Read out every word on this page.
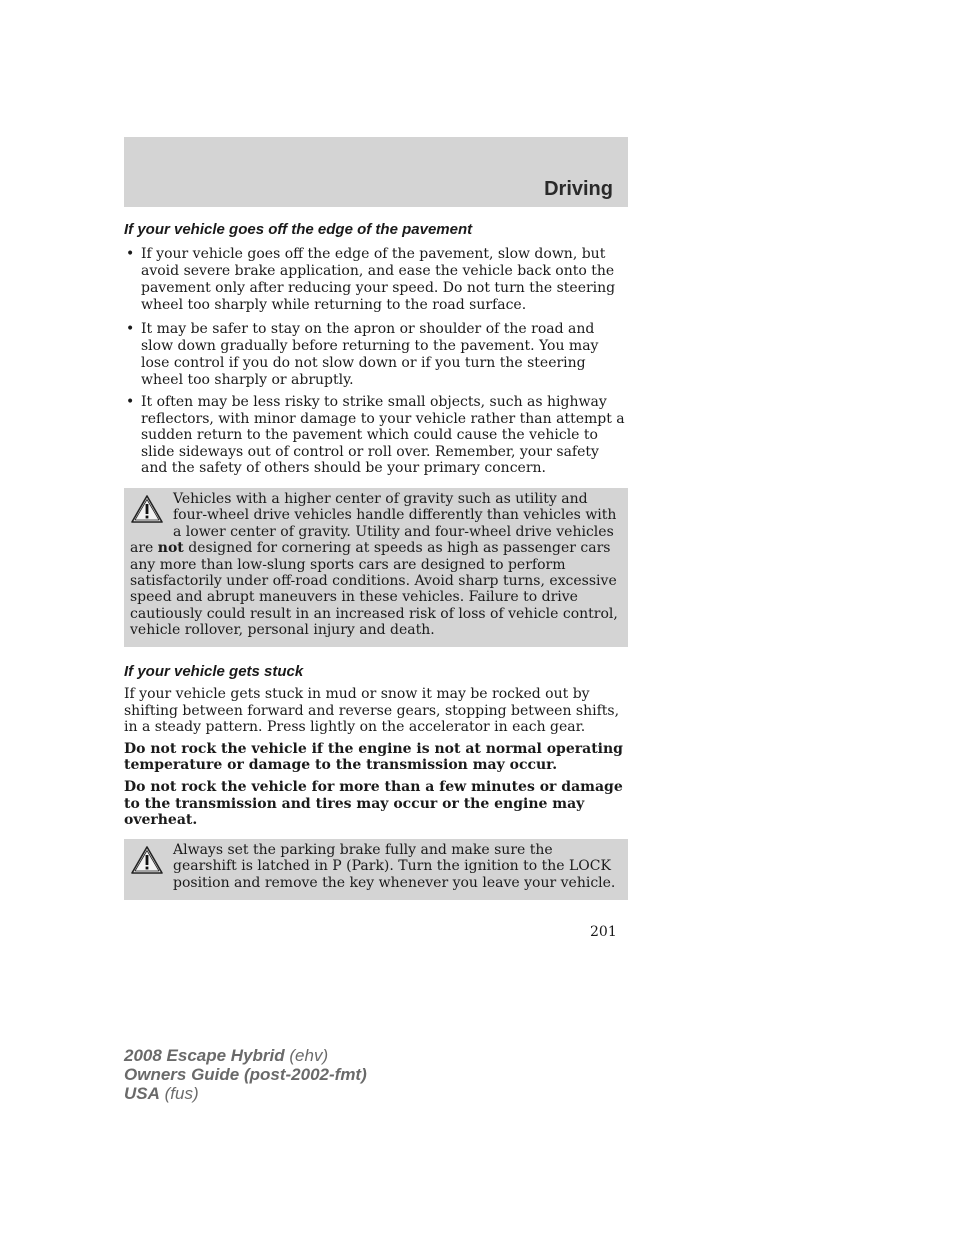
Driving
If your vehicle goes off the edge of the pavement
• If your vehicle goes off the edge of the pavement, slow down, but avoid severe brake application, and ease the vehicle back onto the pavement only after reducing your speed. Do not turn the steering wheel too sharply while returning to the road surface.
• It may be safer to stay on the apron or shoulder of the road and slow down gradually before returning to the pavement. You may lose control if you do not slow down or if you turn the steering wheel too sharply or abruptly.
• It often may be less risky to strike small objects, such as highway reflectors, with minor damage to your vehicle rather than attempt a sudden return to the pavement which could cause the vehicle to slide sideways out of control or roll over. Remember, your safety and the safety of others should be your primary concern.

Vehicles with a higher center of gravity such as utility and four-wheel drive vehicles handle differently than vehicles with a lower center of gravity. Utility and four-wheel drive vehicles are not designed for cornering at speeds as high as passenger cars any more than low-slung sports cars are designed to perform satisfactorily under off-road conditions. Avoid sharp turns, excessive speed and abrupt maneuvers in these vehicles. Failure to drive cautiously could result in an increased risk of loss of vehicle control, vehicle rollover, personal injury and death.

If your vehicle gets stuck

If your vehicle gets stuck in mud or snow it may be rocked out by shifting between forward and reverse gears, stopping between shifts, in a steady pattern. Press lightly on the accelerator in each gear.

Do not rock the vehicle if the engine is not at normal operating temperature or damage to the transmission may occur.

Do not rock the vehicle for more than a few minutes or damage to the transmission and tires may occur or the engine may overheat.

Always set the parking brake fully and make sure the gearshift is latched in P (Park). Turn the ignition to the LOCK position and remove the key whenever you leave your vehicle.

201
2008 Escape Hybrid (ehv)
Owners Guide (post-2002-fmt)
USA (fus)
